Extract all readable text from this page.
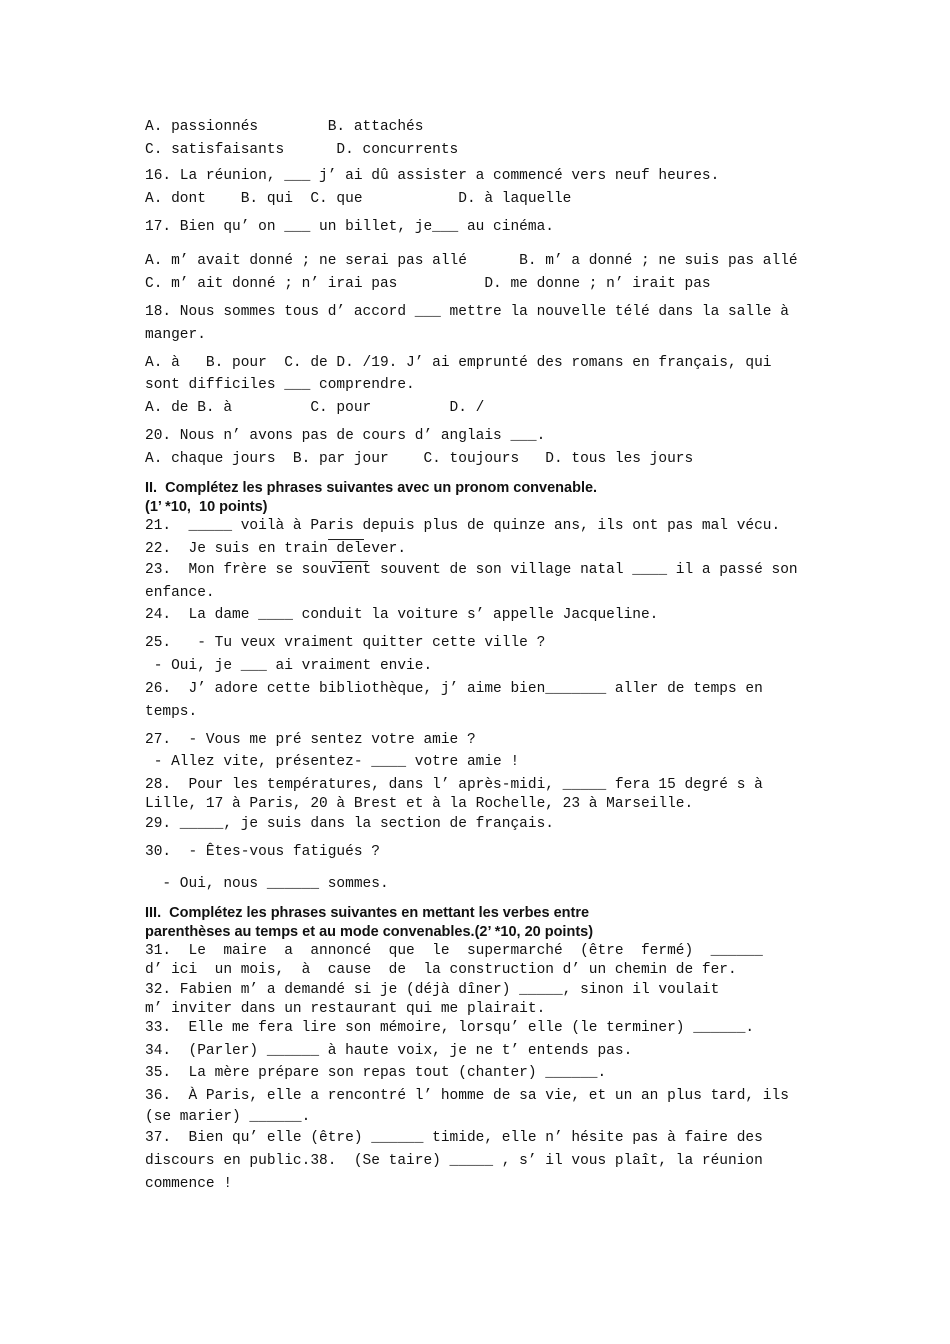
A. passionnés        B. attachés
C. satisfaisants      D. concurrents
16. La réunion, ___ j’ ai dû assister a commencé vers neuf heures.
A. dont    B. qui  C. que           D. à laquelle
17. Bien qu’ on ___ un billet, je___ au cinéma.
A. m’ avait donné ; ne serai pas allé      B. m’ a donné ; ne suis pas allé
C. m’ ait donné ; n’ irai pas          D. me donne ; n’ irait pas
18. Nous sommes tous d’ accord ___ mettre la nouvelle télé dans la salle à
manger.
A. à   B. pour  C. de D. /19. J’ ai emprunté des romans en français, qui
sont difficiles ___ comprendre.
A. de B. à         C. pour         D. /
20. Nous n’ avons pas de cours d’ anglais ___.
A. chaque jours  B. par jour    C. toujours   D. tous les jours
II.  Complétez les phrases suivantes avec un pronom convenable.
(1’ *10,  10 points)
21.  _____ voilà à Paris depuis plus de quinze ans, ils ont pas mal vécu.
22.  Je suis en train delever.
23.  Mon frère se souvient souvent de son village natal ____ il a passé son
enfance.
24.  La dame ____ conduit la voiture s’ appelle Jacqueline.
25.   - Tu veux vraiment quitter cette ville ?
- Oui, je ___ ai vraiment envie.
26.  J’ adore cette bibliothèque, j’ aime bien_______ aller de temps en
temps.
27.  - Vous me pré sentez votre amie ?
- Allez vite, présentez- ____ votre amie !
28.  Pour les températures, dans l’ après-midi, _____ fera 15 degré s à
Lille, 17 à Paris, 20 à Brest et à la Rochelle, 23 à Marseille.
29. _____, je suis dans la section de français.
30.  - Êtes-vous fatigués ?
- Oui, nous ______ sommes.
III.  Complétez les phrases suivantes en mettant les verbes entre
parenthèses au temps et au mode convenables.(2’ *10, 20 points)
31.  Le  maire  a  annoncé  que  le  supermarché  (être  fermé)  ______
d’ ici  un mois,  à  cause  de  la construction d’ un chemin de fer.
32. Fabien m’ a demandé si je (déjà dîner) _____, sinon il voulait
m’ inviter dans un restaurant qui me plairait.
33.  Elle me fera lire son mémoire, lorsqu’ elle (le terminer) ______.
34.  (Parler) ______ à haute voix, je ne t’ entends pas.
35.  La mère prépare son repas tout (chanter) ______.
36.  À Paris, elle a rencontré l’ homme de sa vie, et un an plus tard, ils
(se marier) ______.
37.  Bien qu’ elle (être) ______ timide, elle n’ hésite pas à faire des
discours en public.38.  (Se taire) _____ , s’ il vous plaît, la réunion
commence !
